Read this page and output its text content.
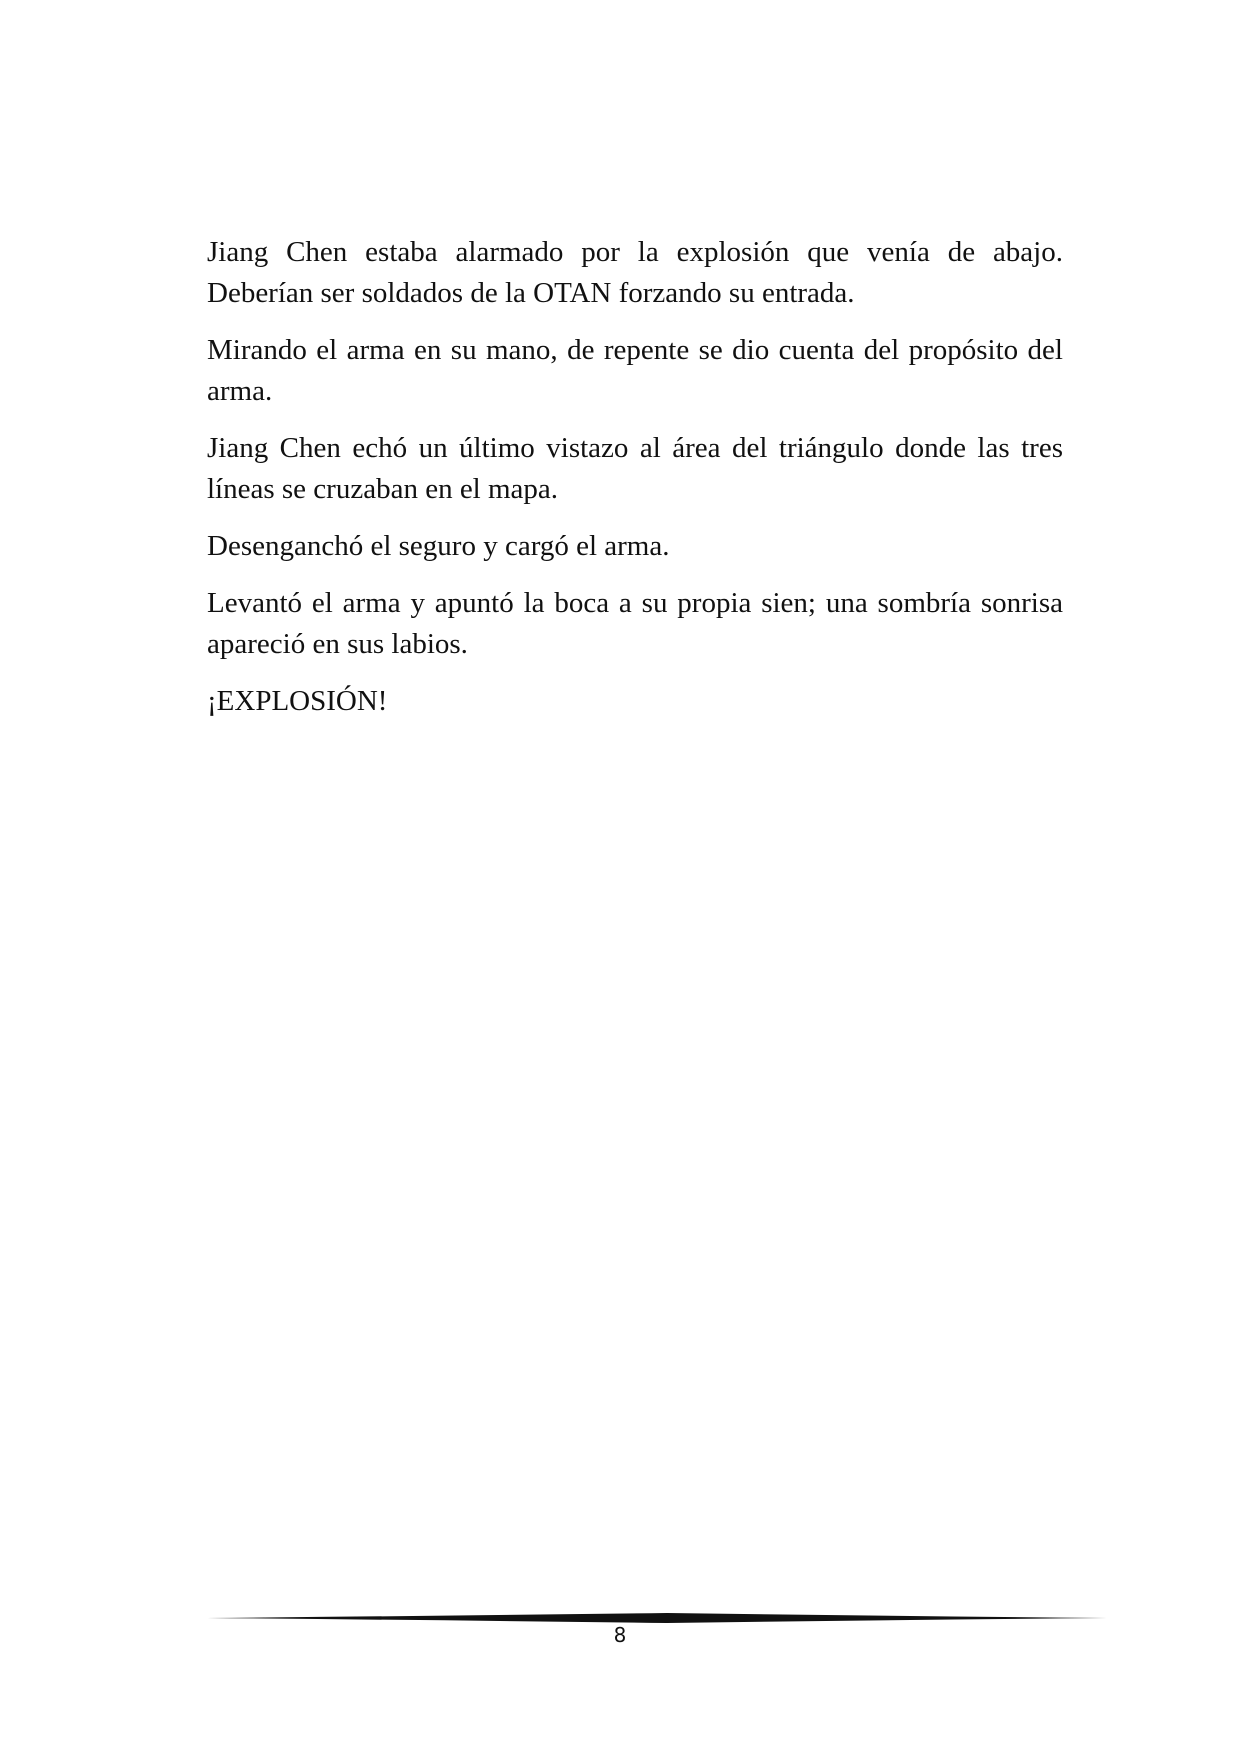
Jiang Chen estaba alarmado por la explosión que venía de abajo. Deberían ser soldados de la OTAN forzando su entrada.

Mirando el arma en su mano, de repente se dio cuenta del propósito del arma.

Jiang Chen echó un último vistazo al área del triángulo donde las tres líneas se cruzaban en el mapa.

Desenganchó el seguro y cargó el arma.

Levantó el arma y apuntó la boca a su propia sien; una sombría sonrisa apareció en sus labios.

¡EXPLOSIÓN!

8
